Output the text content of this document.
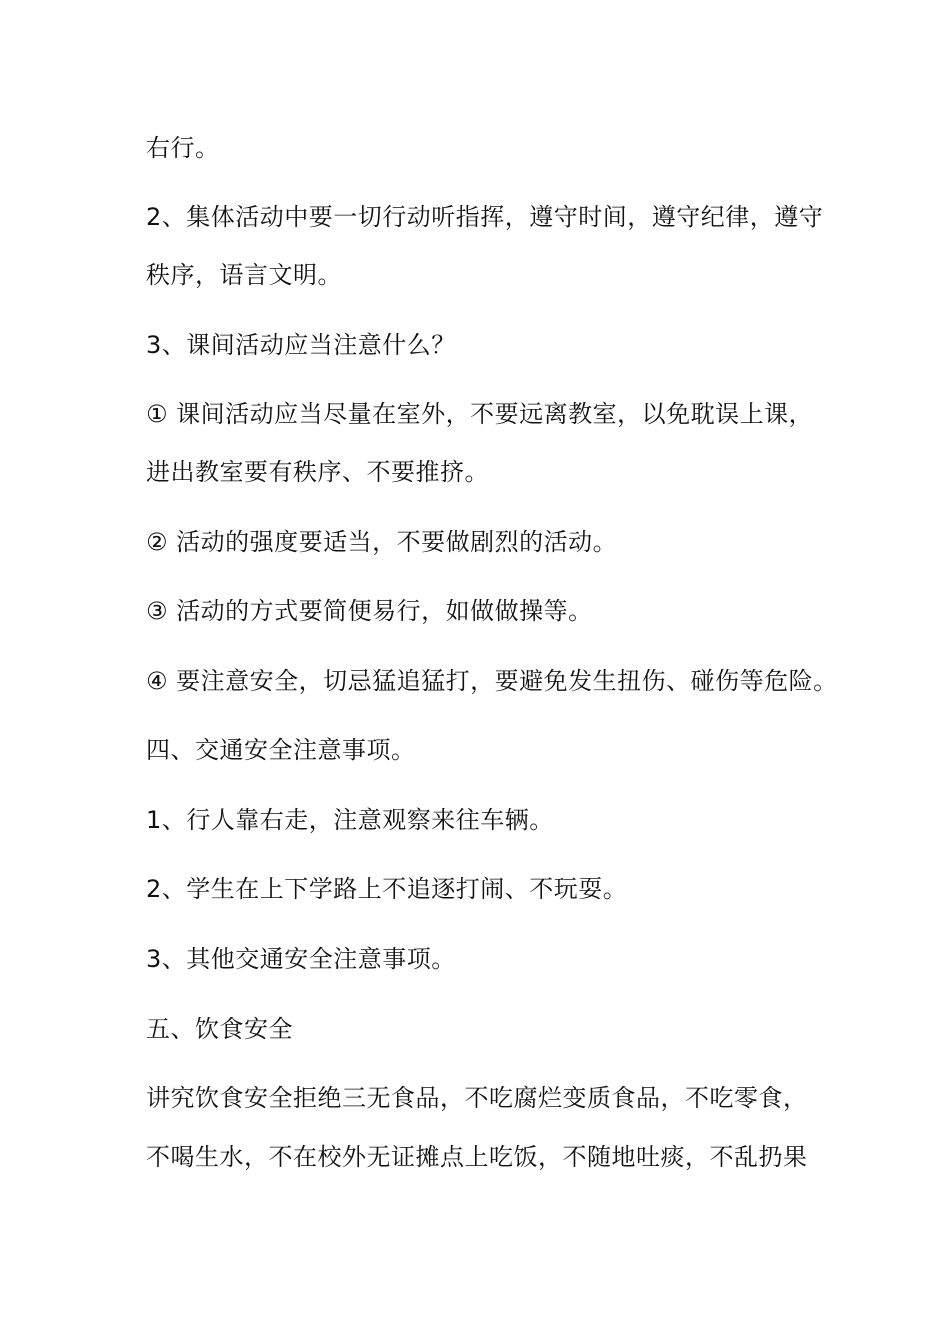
右行。
2、集体活动中要一切行动听指挥，遵守时间，遵守纪律，遵守
秩序，语言文明。
3、课间活动应当注意什么？
① 课间活动应当尽量在室外，不要远离教室，以免耽误上课，
进出教室要有秩序、不要推挤。
② 活动的强度要适当，不要做剧烈的活动。
③ 活动的方式要简便易行，如做做操等。
④ 要注意安全，切忌猛追猛打，要避免发生扭伤、碰伤等危险。
四、交通安全注意事项。
1、行人靠右走，注意观察来往车辆。
2、学生在上下学路上不追逐打闹、不玩耍。
3、其他交通安全注意事项。
五、饮食安全
讲究饮食安全拒绝三无食品，不吃腐烂变质食品，不吃零食，
不喝生水，不在校外无证摊点上吃饭，不随地吐痰，不乱扔果
